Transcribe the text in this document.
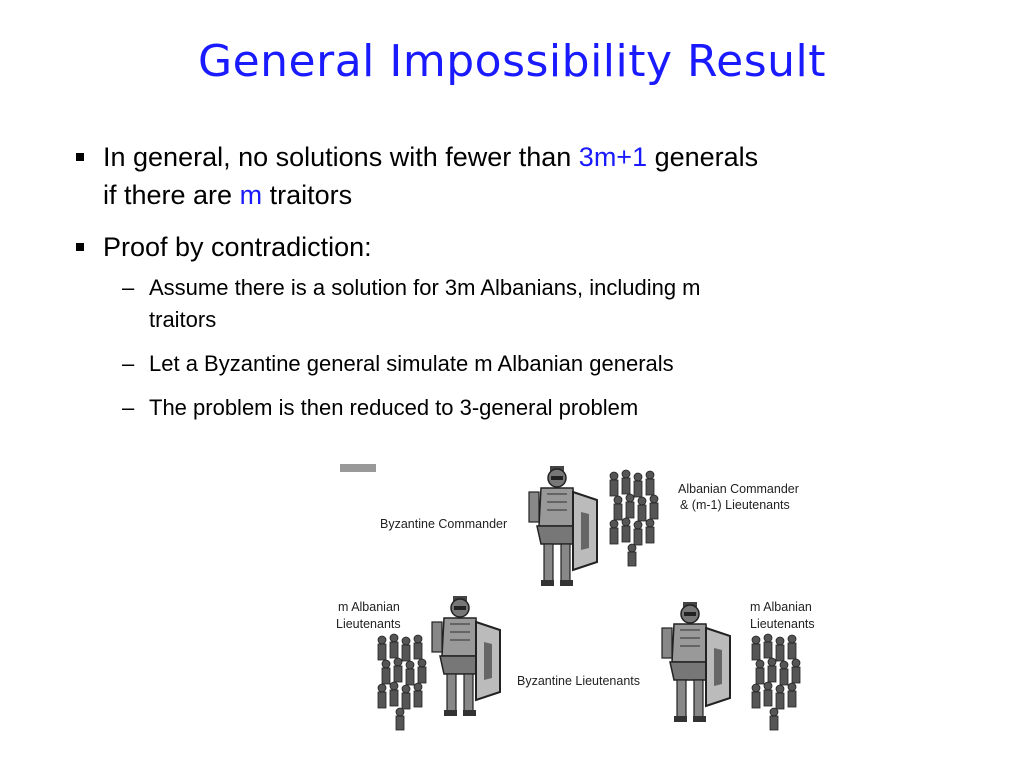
General Impossibility Result
In general, no solutions with fewer than 3m+1 generals
if there are m traitors
Proof by contradiction:
– Assume there is a solution for 3m Albanians, including m
traitors
– Let a Byzantine general simulate m Albanian generals
– The problem is then reduced to 3-general problem
Byzantine Commander
Albanian Commander
& (m-1) Lieutenants
m Albanian
Lieutenants
m Albanian
Lieutenants
Byzantine Lieutenants
